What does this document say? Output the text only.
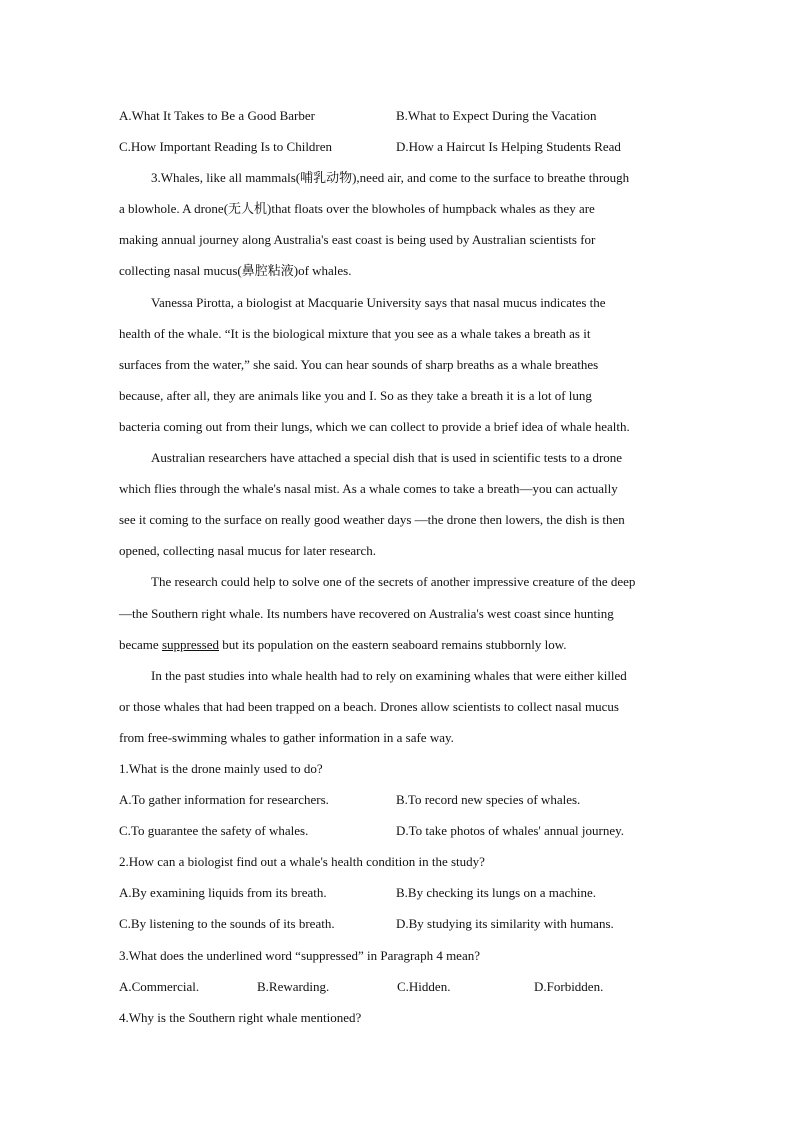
A.What It Takes to Be a Good Barber	B.What to Expect During the Vacation
C.How Important Reading Is to Children	D.How a Haircut Is Helping Students Read
3.Whales, like all mammals(哺乳动物),need air, and come to the surface to breathe through
a blowhole. A drone(无人机)that floats over the blowholes of humpback whales as they are
making annual journey along Australia's east coast is being used by Australian scientists for
collecting nasal mucus(鼻腔粘液)of whales.
Vanessa Pirotta, a biologist at Macquarie University says that nasal mucus indicates the
health of the whale. “It is the biological mixture that you see as a whale takes a breath as it
surfaces from the water,” she said. You can hear sounds of sharp breaths as a whale breathes
because, after all, they are animals like you and I. So as they take a breath it is a lot of lung
bacteria coming out from their lungs, which we can collect to provide a brief idea of whale health.
Australian researchers have attached a special dish that is used in scientific tests to a drone
which flies through the whale's nasal mist. As a whale comes to take a breath—you can actually
see it coming to the surface on really good weather days —the drone then lowers, the dish is then
opened, collecting nasal mucus for later research.
The research could help to solve one of the secrets of another impressive creature of the deep
—the Southern right whale. Its numbers have recovered on Australia's west coast since hunting
became suppressed but its population on the eastern seaboard remains stubbornly low.
In the past studies into whale health had to rely on examining whales that were either killed
or those whales that had been trapped on a beach. Drones allow scientists to collect nasal mucus
from free-swimming whales to gather information in a safe way.
1.What is the drone mainly used to do?
A.To gather information for researchers.	B.To record new species of whales.
C.To guarantee the safety of whales.	D.To take photos of whales' annual journey.
2.How can a biologist find out a whale's health condition in the study?
A.By examining liquids from its breath.	B.By checking its lungs on a machine.
C.By listening to the sounds of its breath.	D.By studying its similarity with humans.
3.What does the underlined word “suppressed” in Paragraph 4 mean?
A.Commercial.	B.Rewarding.	C.Hidden.	D.Forbidden.
4.Why is the Southern right whale mentioned?
